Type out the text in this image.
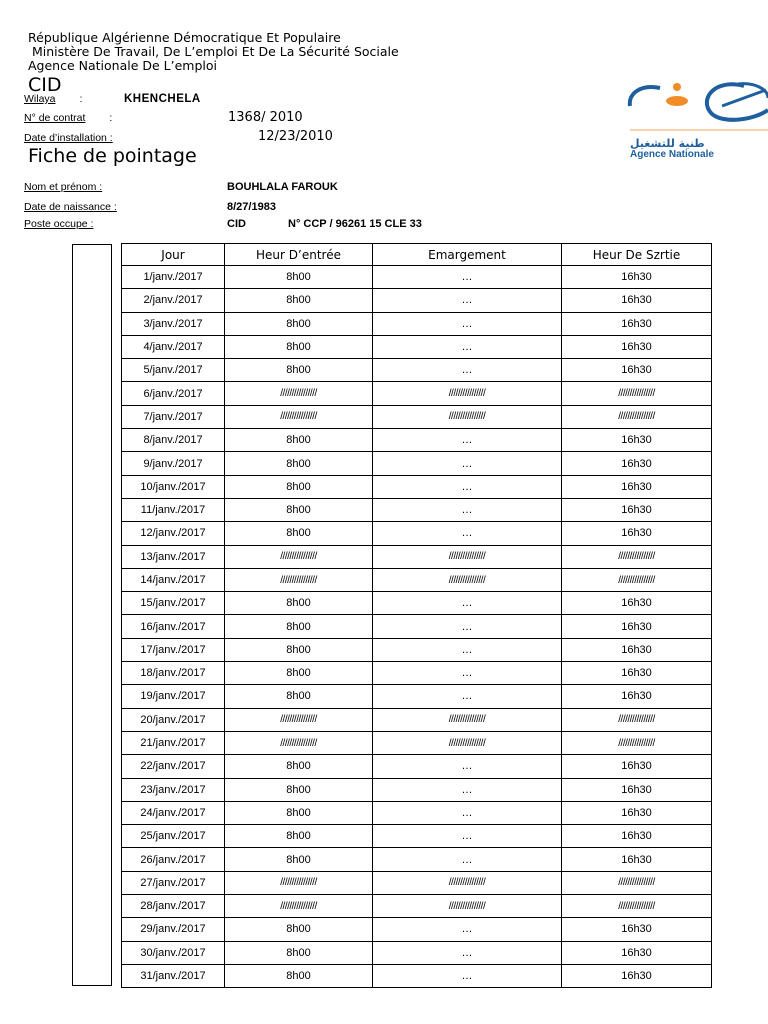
République Algérienne Démocratique Et Populaire
Ministère De Travail, De L’emploi Et De La Sécurité Sociale
Agence Nationale De L’emploi
CID
طنية للتشغيل
Agence Nationale
Wilaya :	KHENCHELA
N° de contrat :	1368/ 2010
Date d’installation :	12/23/2010
Fiche de pointage
Nom et prénom :	BOUHLALA FAROUK
Date de naissance :	8/27/1983
Poste occupe :	CID	N° CCP / 96261 15 CLE 33
Jour	Heur D’entrée	Emargement	Heur De Szrtie
1/janv./2017	8h00	…	16h30
2/janv./2017	8h00	…	16h30
3/janv./2017	8h00	…	16h30
4/janv./2017	8h00	…	16h30
5/janv./2017	8h00	…	16h30
6/janv./2017	////////////////	////////////////	////////////////
7/janv./2017	////////////////	////////////////	////////////////
8/janv./2017	8h00	…	16h30
9/janv./2017	8h00	…	16h30
10/janv./2017	8h00	…	16h30
11/janv./2017	8h00	…	16h30
12/janv./2017	8h00	…	16h30
13/janv./2017	////////////////	////////////////	////////////////
14/janv./2017	////////////////	////////////////	////////////////
15/janv./2017	8h00	…	16h30
16/janv./2017	8h00	…	16h30
17/janv./2017	8h00	…	16h30
18/janv./2017	8h00	…	16h30
19/janv./2017	8h00	…	16h30
20/janv./2017	////////////////	////////////////	////////////////
21/janv./2017	////////////////	////////////////	////////////////
22/janv./2017	8h00	…	16h30
23/janv./2017	8h00	…	16h30
24/janv./2017	8h00	…	16h30
25/janv./2017	8h00	…	16h30
26/janv./2017	8h00	…	16h30
27/janv./2017	////////////////	////////////////	////////////////
28/janv./2017	////////////////	////////////////	////////////////
29/janv./2017	8h00	…	16h30
30/janv./2017	8h00	…	16h30
31/janv./2017	8h00	…	16h30
